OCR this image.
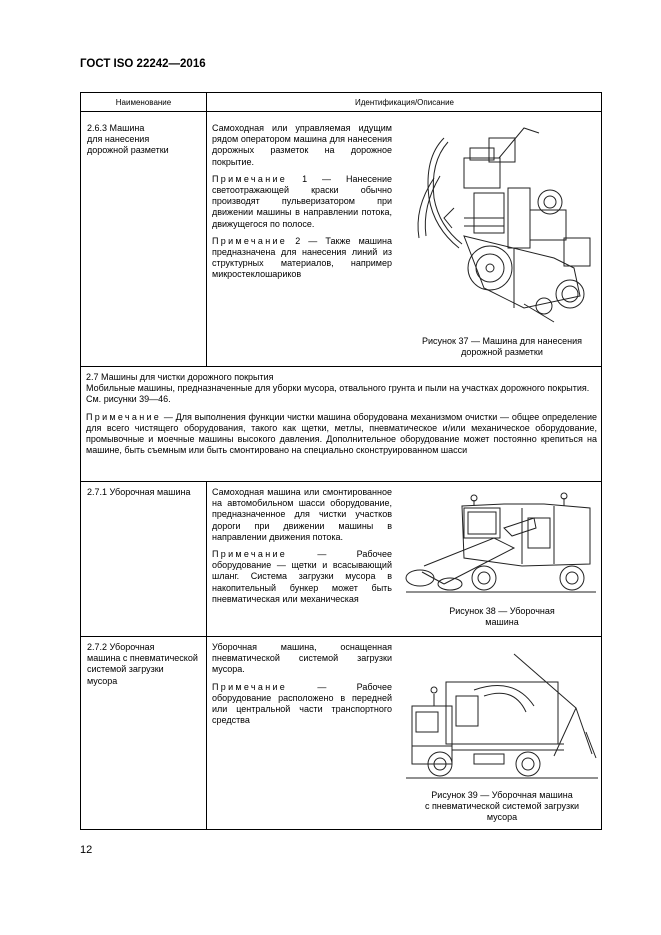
ГОСТ ISO 22242—2016
Наименование	Идентификация/Описание
2.6.3 Машина
для нанесения
дорожной разметки

Самоходная или управляемая идущим рядом оператором машина для нанесения дорожных разметок на дорожное покрытие.

Примечание 1 — Нанесение светоотражающей краски обычно производят пульверизатором при движении машины в направлении потока, движущегося по полосе.

Примечание 2 — Также машина предназначена для нанесения линий из структурных материалов, например микростеклошариков

Рисунок 37 — Машина для нанесения
дорожной разметки

2.7 Машины для чистки дорожного покрытия

Мобильные машины, предназначенные для уборки мусора, отвального грунта и пыли на участках дорожного покрытия.

См. рисунки 39—46.

Примечание — Для выполнения функции чистки машина оборудована механизмом очистки — общее определение для всего чистящего оборудования, такого как щетки, метлы, пневматическое и/или механическое оборудование, промывочные и моечные машины высокого давления. Дополнительное оборудование может постоянно крепиться на машине, быть съемным или быть смонтировано на специально сконструированном шасси

2.7.1 Уборочная машина	Самоходная машина или смонтированное на автомобильном шасси оборудование, предназначенное для чистки участков дороги при движении машины в направлении движения потока.

Примечание — Рабочее оборудование — щетки и всасывающий шланг. Система загрузки мусора в накопительный бункер может быть пневматическая или механическая

Рисунок 38 — Уборочная
машина
2.7.2 Уборочная
машина с пневматической системой загрузки
мусора

Уборочная машина, оснащенная пневматической системой загрузки мусора.

Примечание — Рабочее оборудование расположено в передней или центральной части транспортного средства

Рисунок 39 — Уборочная машина
с пневматической системой загрузки
мусора
12
